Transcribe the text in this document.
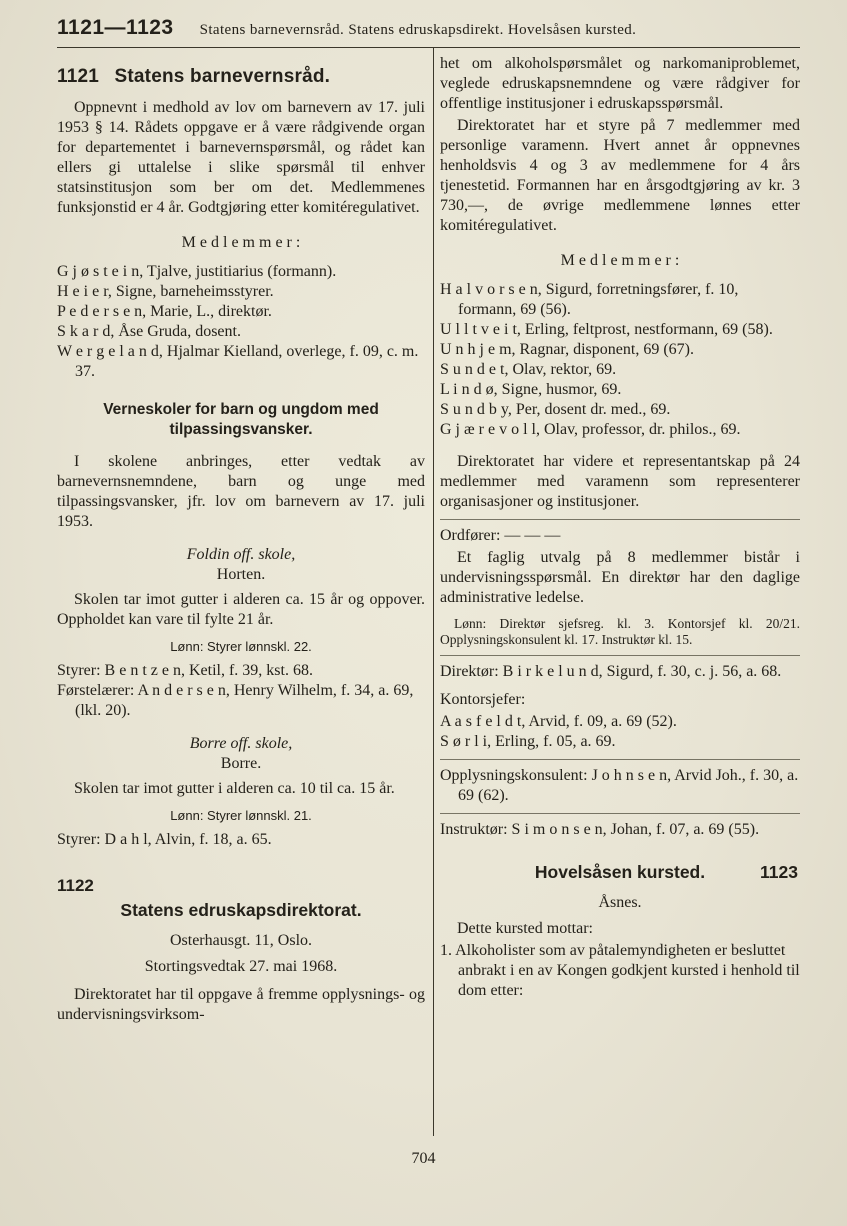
1121—1123 Statens barnevernsråd. Statens edruskapsdirekt. Hovelsåsen kursted.
1121 Statens barnevernsråd.

Oppnevnt i medhold av lov om barnevern av 17. juli 1953 § 14. Rådets oppgave er å være rådgivende organ for departementet i barnevernspørsmål, og rådet kan ellers gi uttalelse i slike spørsmål til enhver statsinstitusjon som ber om det. Medlemmenes funksjonstid er 4 år. Godtgjøring etter komitéregulativet.

M e d l e m m e r :

G j ø s t e i n, Tjalve, justitiarius (formann).

H e i e r, Signe, barneheimsstyrer.

P e d e r s e n, Marie, L., direktør.

S k a r d, Åse Gruda, dosent.

W e r g e l a n d, Hjalmar Kielland, overlege, f. 09, c. m. 37.

Verneskoler for barn og ungdom med tilpassingsvansker.

I skolene anbringes, etter vedtak av barnevernsnemndene, barn og unge med tilpassingsvansker, jfr. lov om barnevern av 17. juli 1953.

Foldin off. skole,

Horten.

Skolen tar imot gutter i alderen ca. 15 år og oppover. Oppholdet kan vare til fylte 21 år.

Lønn: Styrer lønnskl. 22.

Styrer: B e n t z e n, Ketil, f. 39, kst. 68.

Førstelærer: A n d e r s e n, Henry Wilhelm, f. 34, a. 69, (lkl. 20).

Borre off. skole,

Borre.

Skolen tar imot gutter i alderen ca. 10 til ca. 15 år.

Lønn: Styrer lønnskl. 21.

Styrer: D a h l, Alvin, f. 18, a. 65.

1122
Statens edruskapsdirektorat.

Osterhausgt. 11, Oslo.

Stortingsvedtak 27. mai 1968.

Direktoratet har til oppgave å fremme opplysnings- og undervisningsvirksom-

het om alkoholspørsmålet og narkomaniproblemet, veglede edruskapsnemndene og være rådgiver for offentlige institusjoner i edruskapsspørsmål.

Direktoratet har et styre på 7 medlemmer med personlige varamenn. Hvert annet år oppnevnes henholdsvis 4 og 3 av medlemmene for 4 års tjenestetid. Formannen har en årsgodtgjøring av kr. 3 730,—, de øvrige medlemmene lønnes etter komitéregulativet.

M e d l e m m e r :

H a l v o r s e n, Sigurd, forretningsfører, f. 10, formann, 69 (56).

U l l t v e i t, Erling, feltprost, nestformann, 69 (58).

U n h j e m, Ragnar, disponent, 69 (67).

S u n d e t, Olav, rektor, 69.

L i n d ø, Signe, husmor, 69.

S u n d b y, Per, dosent dr. med., 69.

G j æ r e v o l l, Olav, professor, dr. philos., 69.

Direktoratet har videre et representantskap på 24 medlemmer med varamenn som representerer organisasjoner og institusjoner.

Ordfører: — — —

Et faglig utvalg på 8 medlemmer bistår i undervisningsspørsmål. En direktør har den daglige administrative ledelse.

Lønn: Direktør sjefsreg. kl. 3. Kontorsjef kl. 20/21. Opplysningskonsulent kl. 17. Instruktør kl. 15.

Direktør: B i r k e l u n d, Sigurd, f. 30, c. j. 56, a. 68.

Kontorsjefer:

A a s f e l d t, Arvid, f. 09, a. 69 (52).

S ø r l i, Erling, f. 05, a. 69.

Opplysningskonsulent: J o h n s e n, Arvid Joh., f. 30, a. 69 (62).

Instruktør: S i m o n s e n, Johan, f. 07, a. 69 (55).

Hovelsåsen kursted.	1123

Åsnes.

Dette kursted mottar:

1. Alkoholister som av påtalemyndigheten er besluttet anbrakt i en av Kongen godkjent kursted i henhold til dom etter:

704
